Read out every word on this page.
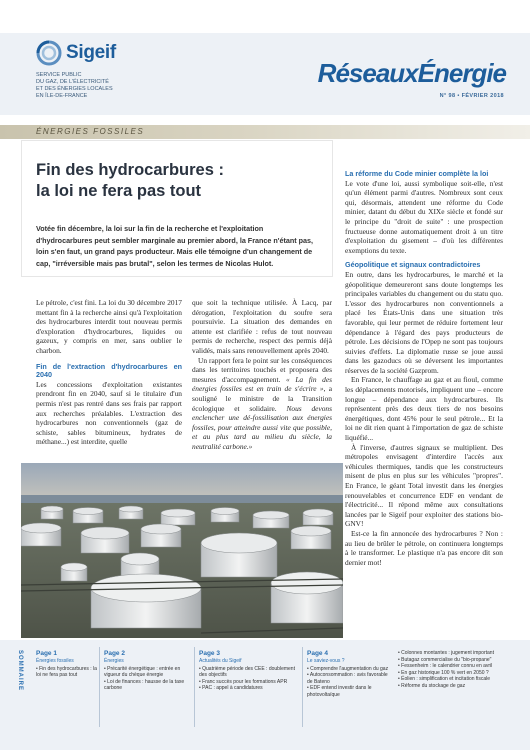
Sigeif
SERVICE PUBLIC
DU GAZ, DE L'ÉLECTRICITÉ
ET DES ÉNERGIES LOCALES
EN ÎLE-DE-FRANCE
RéseauxÉnergie
N° 98 • FÉVRIER 2018
ÉNERGIES FOSSILES
Fin des hydrocarbures :
la loi ne fera pas tout
Votée fin décembre, la loi sur la fin de la recherche et l'exploitation d'hydrocarbures peut sembler marginale au premier abord, la France n'étant pas, loin s'en faut, un grand pays producteur. Mais elle témoigne d'un changement de cap, "irréversible mais pas brutal", selon les termes de Nicolas Hulot.

Le pétrole, c'est fini. La loi du 30 décembre 2017 mettant fin à la recherche ainsi qu'à l'exploitation des hydrocarbures interdit tout nouveau permis d'exploration d'hydrocarbures, liquides ou gazeux, y compris en mer, sans oublier le charbon.

Fin de l'extraction d'hydrocarbures en 2040

Les concessions d'exploitation existantes prendront fin en 2040, sauf si le titulaire d'un permis n'est pas rentré dans ses frais par rapport aux recherches préalables. L'extraction des hydrocarbures non conventionnels (gaz de schiste, sables bitumineux, hydrates de méthane...) est interdite, quelle

que soit la technique utilisée. À Lacq, par dérogation, l'exploitation du soufre sera poursuivie. La situation des demandes en attente est clarifiée : refus de tout nouveau permis de recherche, respect des permis déjà validés, mais sans renouvellement après 2040.

Un rapport fera le point sur les conséquences dans les territoires touchés et proposera des mesures d'accompagnement. « La fin des énergies fossiles est en train de s'écrire », a souligné le ministre de la Transition écologique et solidaire. Nous devons enclencher une dé-fossilisation aux énergies fossiles, pour atteindre aussi vite que possible, et au plus tard au milieu du siècle, la neutralité carbone.»

La réforme du Code minier complète la loi

Le vote d'une loi, aussi symbolique soit-elle, n'est qu'un élément parmi d'autres. Nombreux sont ceux qui, désormais, attendent une réforme du Code minier, datant du début du XIXe siècle et fondé sur le principe du "droit de suite" : une prospection fructueuse donne automatiquement droit à un titre d'exploitation du gisement – d'où les différentes exemptions du texte.

Géopolitique et signaux contradictoires

En outre, dans les hydrocarbures, le marché et la géopolitique demeureront sans doute longtemps les principales variables du changement ou du statu quo. L'essor des hydrocarbures non conventionnels a placé les États-Unis dans une situation très favorable, qui leur permet de réduire fortement leur dépendance à l'égard des pays producteurs de pétrole. Les décisions de l'Opep ne sont pas toujours suivies d'effets. La diplomatie russe se joue aussi dans les gazoducs où se déversent les importantes réserves de la société Gazprom.

En France, le chauffage au gaz et au fioul, comme les déplacements motorisés, impliquent une – encore longue – dépendance aux hydrocarbures. Ils représentent près des deux tiers de nos besoins énergétiques, dont 45% pour le seul pétrole... Et la loi ne dit rien quant à l'importation de gaz de schiste liquéfié...

À l'inverse, d'autres signaux se multiplient. Des métropoles envisagent d'interdire l'accès aux véhicules thermiques, tandis que les constructeurs misent de plus en plus sur les véhicules "propres". En France, le géant Total investit dans les énergies renouvelables et concurrence EDF en vendant de l'électricité... Il répond même aux consultations lancées par le Sigeif pour exploiter des stations bio-GNV!

Est-ce la fin annoncée des hydrocarbures ? Non : au lieu de brûler le pétrole, on continuera longtemps à le transformer. Le plastique n'a pas encore dit son dernier mot!

SOMMAIRE Page 1
Énergies fossiles
• Fin des hydrocarbures : la loi ne fera pas tout
Page 2
Énergies
• Précarité énergétique : entrée en vigueur du chèque énergie
• Loi de finances : hausse de la taxe carbone
Page 3
Actualités du Sigeif
• Quatrième période des CEE : doublement des objectifs
• Franc succès pour les formations APR
• PAC : appel à candidatures
Page 4
Le saviez-vous ?
• Comprendre l'augmentation du gaz
• Autoconsommation : avis favorable de Bateno
• EDF entend investir dans le photovoltaïque
• Colonnes montantes : jugement important
• Butagaz commercialise du "bio-propane"
• Fessenheim : le calendrier connu en avril
• En gaz historique 100 % vert en 2050 ?
• Éolien : simplification et incitation fiscale
• Réforme du stockage de gaz
